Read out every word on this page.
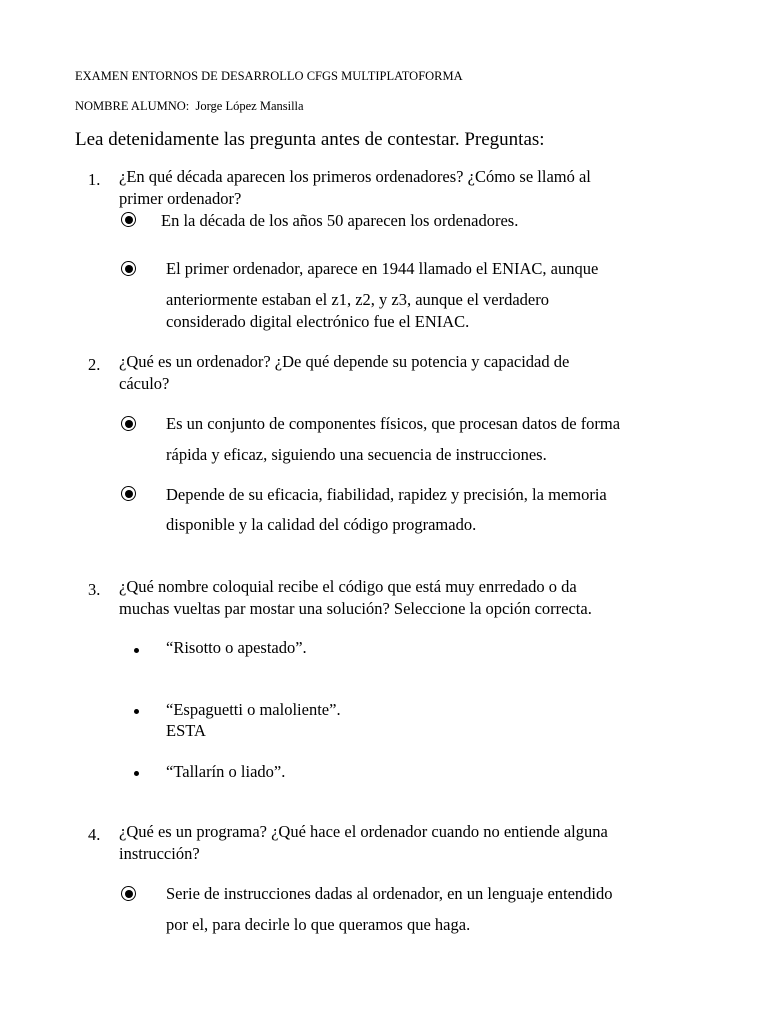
EXAMEN ENTORNOS DE DESARROLLO CFGS MULTIPLATOFORMA
NOMBRE ALUMNO: Jorge López Mansilla
Lea detenidamente las pregunta antes de contestar. Preguntas:
1. ¿En qué década aparecen los primeros ordenadores? ¿Cómo se llamó al
primer ordenador?
En la década de los años 50 aparecen los ordenadores.
El primer ordenador, aparece en 1944 llamado el ENIAC, aunque
anteriormente estaban el z1, z2, y z3, aunque el verdadero
considerado digital electrónico fue el ENIAC.
2. ¿Qué es un ordenador? ¿De qué depende su potencia y capacidad de
cáculo?
Es un conjunto de componentes físicos, que procesan datos de forma
rápida y eficaz, siguiendo una secuencia de instrucciones.
Depende de su eficacia, fiabilidad, rapidez y precisión, la memoria
disponible y la calidad del código programado.
3. ¿Qué nombre coloquial recibe el código que está muy enrredado o da
muchas vueltas par mostar una solución? Seleccione la opción correcta.
“Risotto o apestado”.
“Espaguetti o maloliente”.
ESTA
“Tallarín o liado”.
4. ¿Qué es un programa? ¿Qué hace el ordenador cuando no entiende alguna
instrucción?
Serie de instrucciones dadas al ordenador, en un lenguaje entendido
por el, para decirle lo que queramos que haga.
